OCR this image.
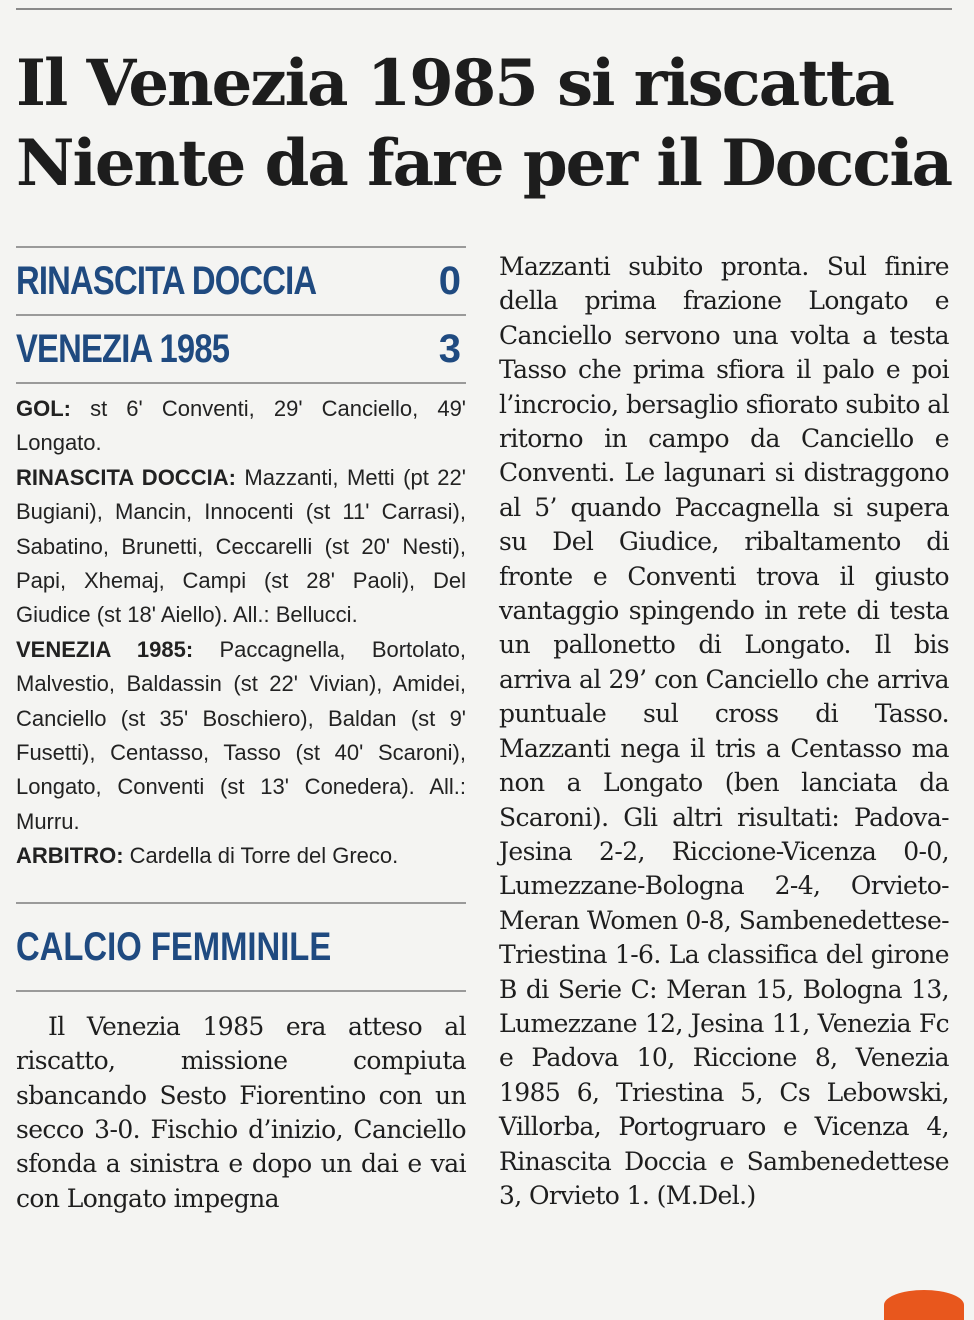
Il Venezia 1985 si riscatta
Niente da fare per il Doccia
RINASCITA DOCCIA	0
VENEZIA 1985	3

GOL: st 6' Conventi, 29' Canciello, 49' Longato.

RINASCITA DOCCIA: Mazzanti, Metti (pt 22' Bugiani), Mancin, Innocenti (st 11' Carrasi), Sabatino, Brunetti, Ceccarelli (st 20' Nesti), Papi, Xhemaj, Campi (st 28' Paoli), Del Giudice (st 18' Aiello). All.: Bellucci.

VENEZIA 1985: Paccagnella, Bortolato, Malvestio, Baldassin (st 22' Vivian), Amidei, Canciello (st 35' Boschiero), Baldan (st 9' Fusetti), Centasso, Tasso (st 40' Scaroni), Longato, Conventi (st 13' Conedera). All.: Murru.

ARBITRO: Cardella di Torre del Greco.

CALCIO FEMMINILE

Il Venezia 1985 era atteso al riscatto, missione compiuta sbancando Sesto Fiorentino con un secco 3-0. Fischio d’inizio, Canciello sfonda a sinistra e dopo un dai e vai con Longato impegna

Mazzanti subito pronta. Sul finire della prima frazione Longato e Canciello servono una volta a testa Tasso che prima sfiora il palo e poi l’incrocio, bersaglio sfiorato subito al ritorno in campo da Canciello e Conventi. Le lagunari si distraggono al 5’ quando Paccagnella si supera su Del Giudice, ribaltamento di fronte e Conventi trova il giusto vantaggio spingendo in rete di testa un pallonetto di Longato. Il bis arriva al 29’ con Canciello che arriva puntuale sul cross di Tasso. Mazzanti nega il tris a Centasso ma non a Longato (ben lanciata da Scaroni). Gli altri risultati: Padova-Jesina 2-2, Riccione-Vicenza 0-0, Lumezzane-Bologna 2-4, Orvieto-Meran Women 0-8, Sambenedettese-Triestina 1-6. La classifica del girone B di Serie C: Meran 15, Bologna 13, Lumezzane 12, Jesina 11, Venezia Fc e Padova 10, Riccione 8, Venezia 1985 6, Triestina 5, Cs Lebowski, Villorba, Portogruaro e Vicenza 4, Rinascita Doccia e Sambenedettese 3, Orvieto 1. (M.Del.)
